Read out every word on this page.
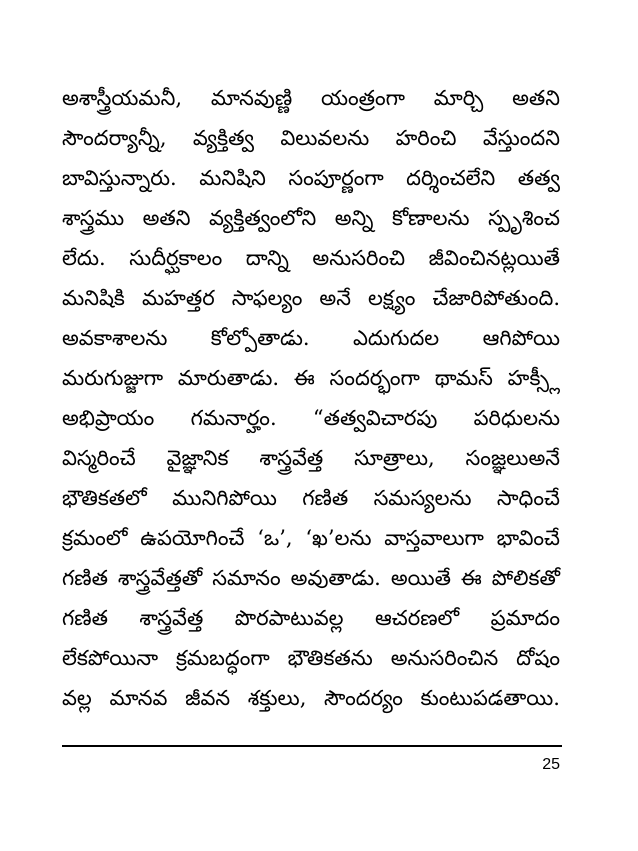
అశాస్త్రీయమనీ, మానవుణ్ణి యంత్రంగా మార్చి అతని
సౌందర్యాన్నీ, వ్యక్తిత్వ విలువలను హరించి వేస్తుందని
బావిస్తున్నారు. మనిషిని సంపూర్ణంగా దర్శించలేని తత్వ
శాస్త్రము అతని వ్యక్తిత్వంలోని అన్ని కోణాలను స్పృశించ
లేదు. సుదీర్ఘకాలం దాన్ని అనుసరించి జీవించినట్లయితే
మనిషికి మహత్తర సాఫల్యం అనే లక్ష్యం చేజారిపోతుంది.
అవకాశాలను కోల్పోతాడు. ఎదుగుదల ఆగిపోయి
మరుగుజ్జుగా మారుతాడు. ఈ సందర్భంగా థామస్ హక్స్లీ
అభిప్రాయం గమనార్హం. “తత్వవిచారపు పరిధులను
విస్మరించే వైజ్ఞానిక శాస్త్రవేత్త సూత్రాలు, సంజ్ఞలుఅనే
భౌతికతలో మునిగిపోయి గణిత సమస్యలను సాధించే
క్రమంలో ఉపయోగించే ‘ఒ’, ‘ఖ’లను వాస్తవాలుగా భావించే
గణిత శాస్త్రవేత్తతో సమానం అవుతాడు. అయితే ఈ పోలికతో
గణిత శాస్త్రవేత్త పొరపాటువల్ల ఆచరణలో ప్రమాదం
లేకపోయినా క్రమబద్ధంగా భౌతికతను అనుసరించిన దోషం
వల్ల మానవ జీవన శక్తులు, సౌందర్యం కుంటుపడతాయి.
25
